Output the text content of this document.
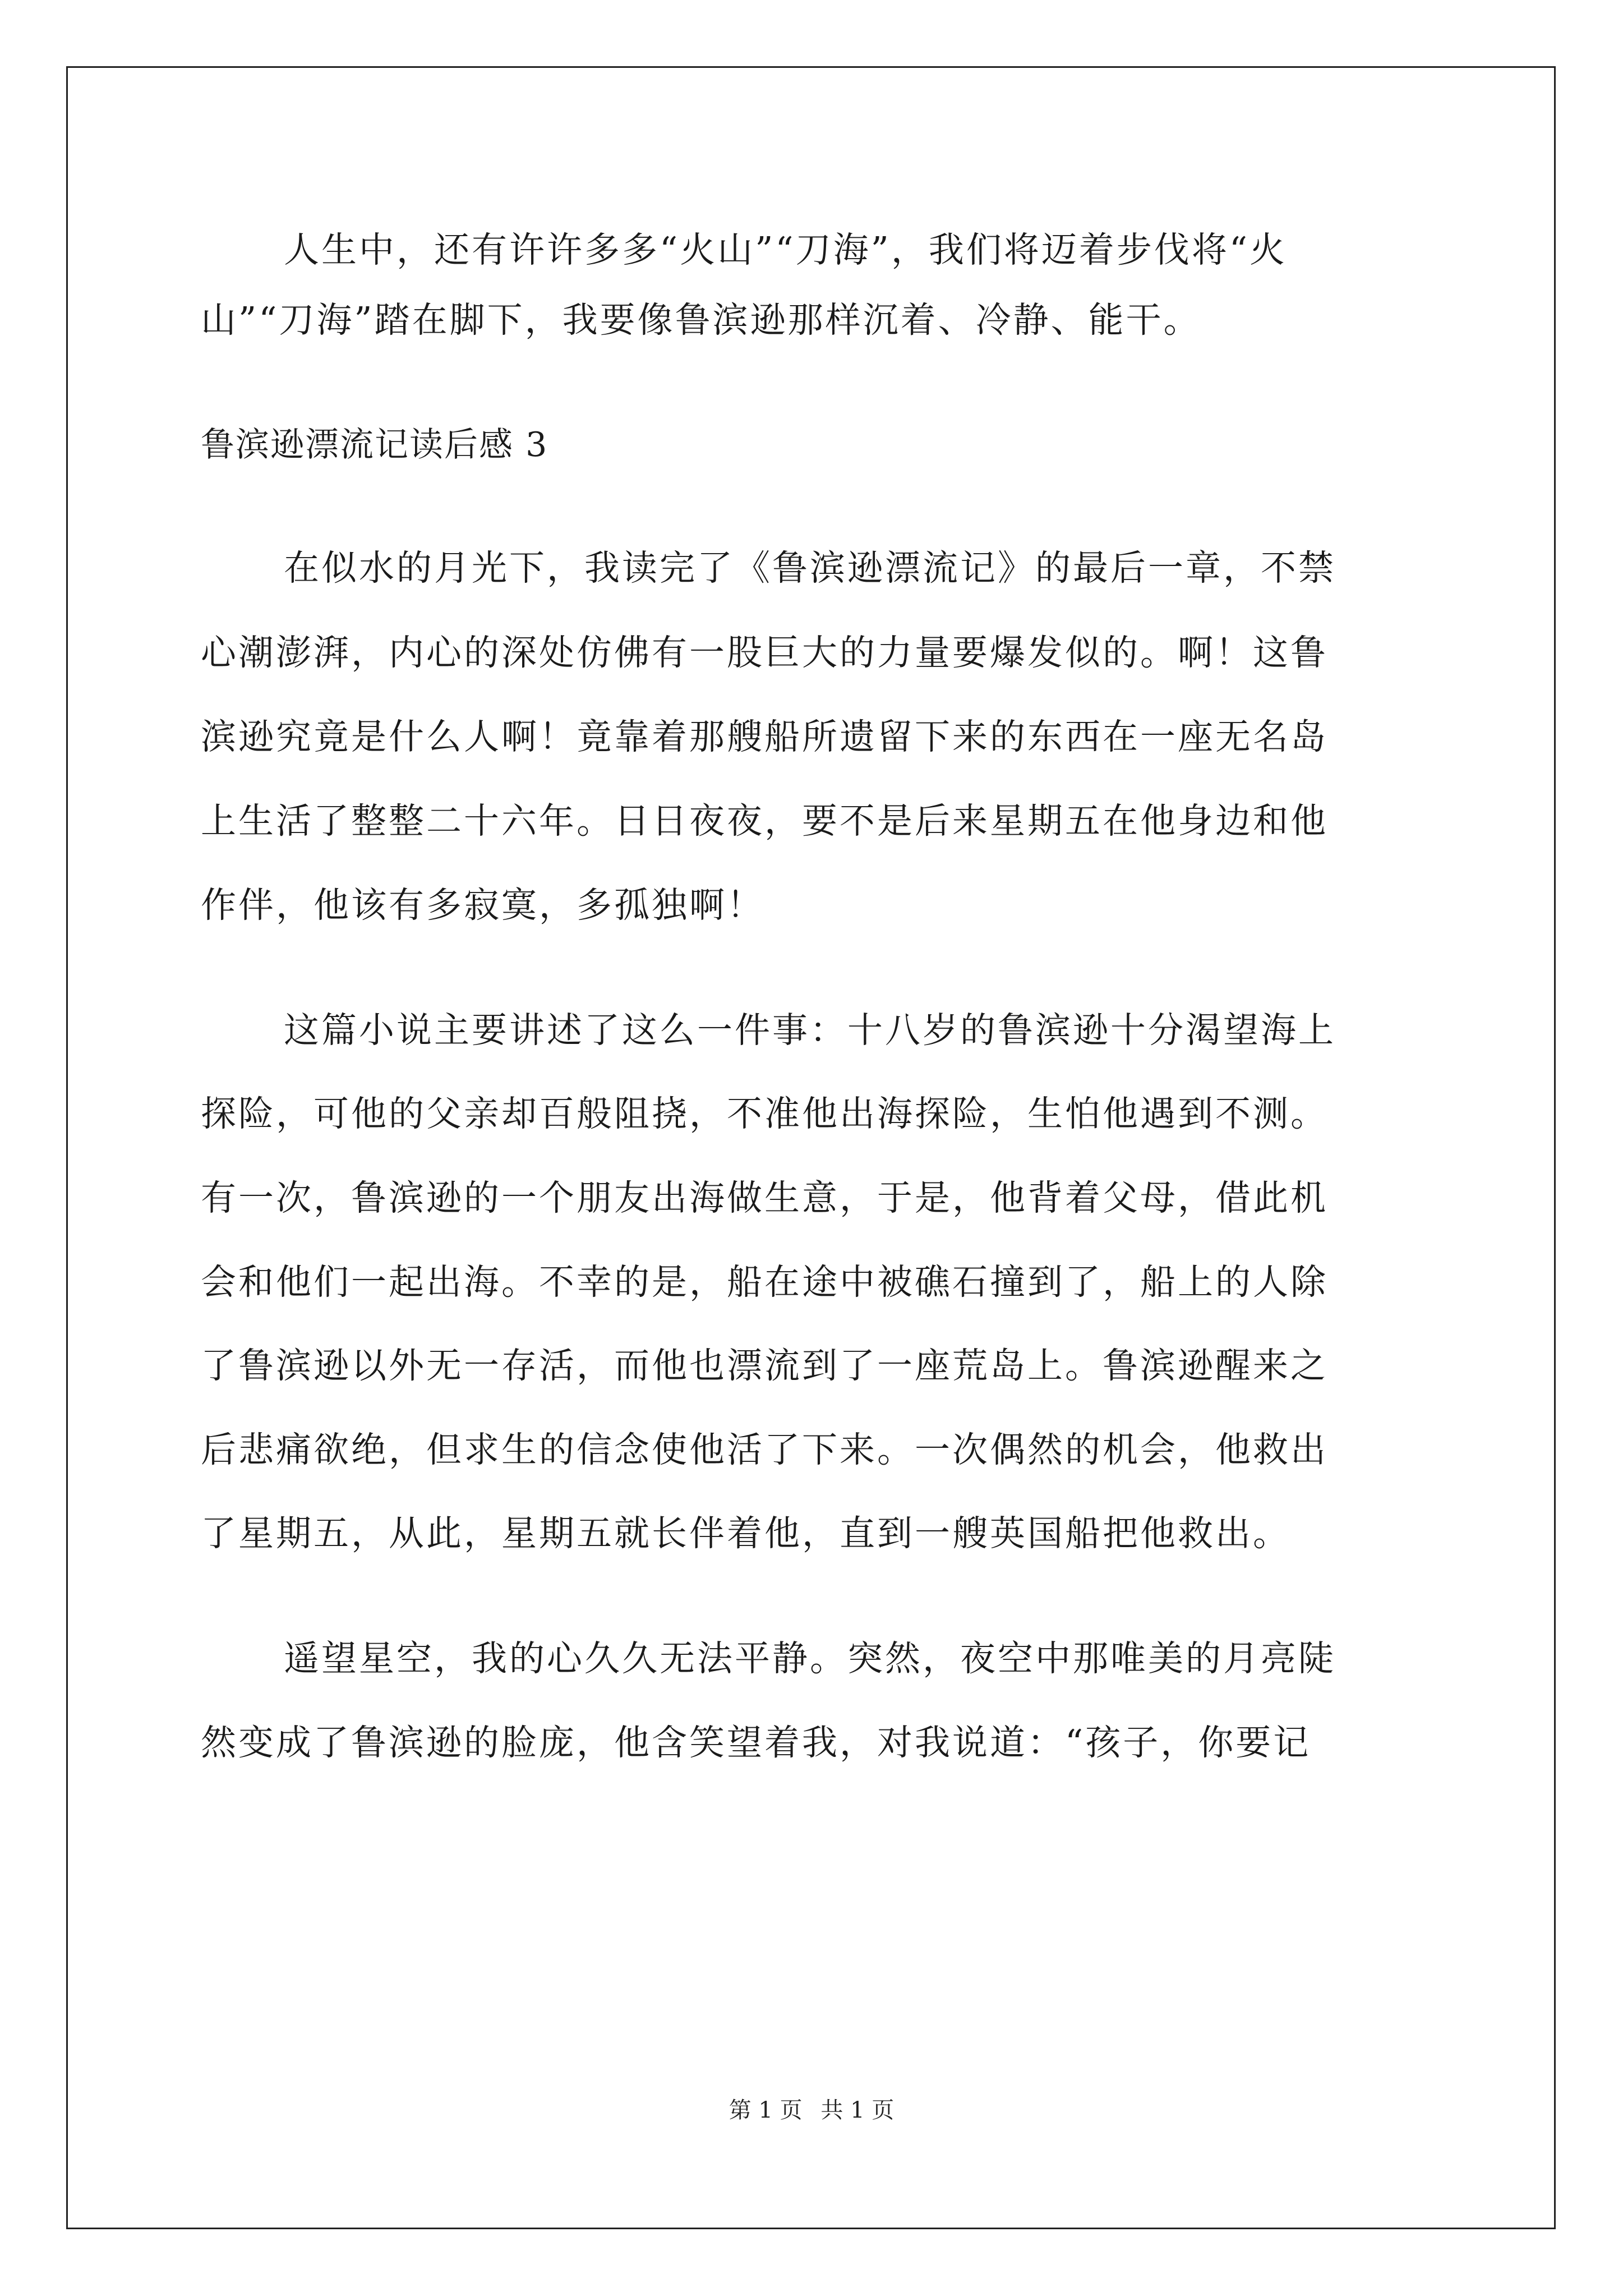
人生中，还有许许多多“火山”“刀海”，我们将迈着步伐将“火
山”“刀海”踏在脚下，我要像鲁滨逊那样沉着、冷静、能干。
鲁滨逊漂流记读后感 3
在似水的月光下，我读完了《鲁滨逊漂流记》的最后一章，不禁
心潮澎湃，内心的深处仿佛有一股巨大的力量要爆发似的。啊！这鲁
滨逊究竟是什么人啊！竟靠着那艘船所遗留下来的东西在一座无名岛
上生活了整整二十六年。日日夜夜，要不是后来星期五在他身边和他
作伴，他该有多寂寞，多孤独啊！
这篇小说主要讲述了这么一件事：十八岁的鲁滨逊十分渴望海上
探险，可他的父亲却百般阻挠，不准他出海探险，生怕他遇到不测。
有一次，鲁滨逊的一个朋友出海做生意，于是，他背着父母，借此机
会和他们一起出海。不幸的是，船在途中被礁石撞到了，船上的人除
了鲁滨逊以外无一存活，而他也漂流到了一座荒岛上。鲁滨逊醒来之
后悲痛欲绝，但求生的信念使他活了下来。一次偶然的机会，他救出
了星期五，从此，星期五就长伴着他，直到一艘英国船把他救出。
遥望星空，我的心久久无法平静。突然，夜空中那唯美的月亮陡
然变成了鲁滨逊的脸庞，他含笑望着我，对我说道：“孩子，你要记
第 1 页 共 1 页
